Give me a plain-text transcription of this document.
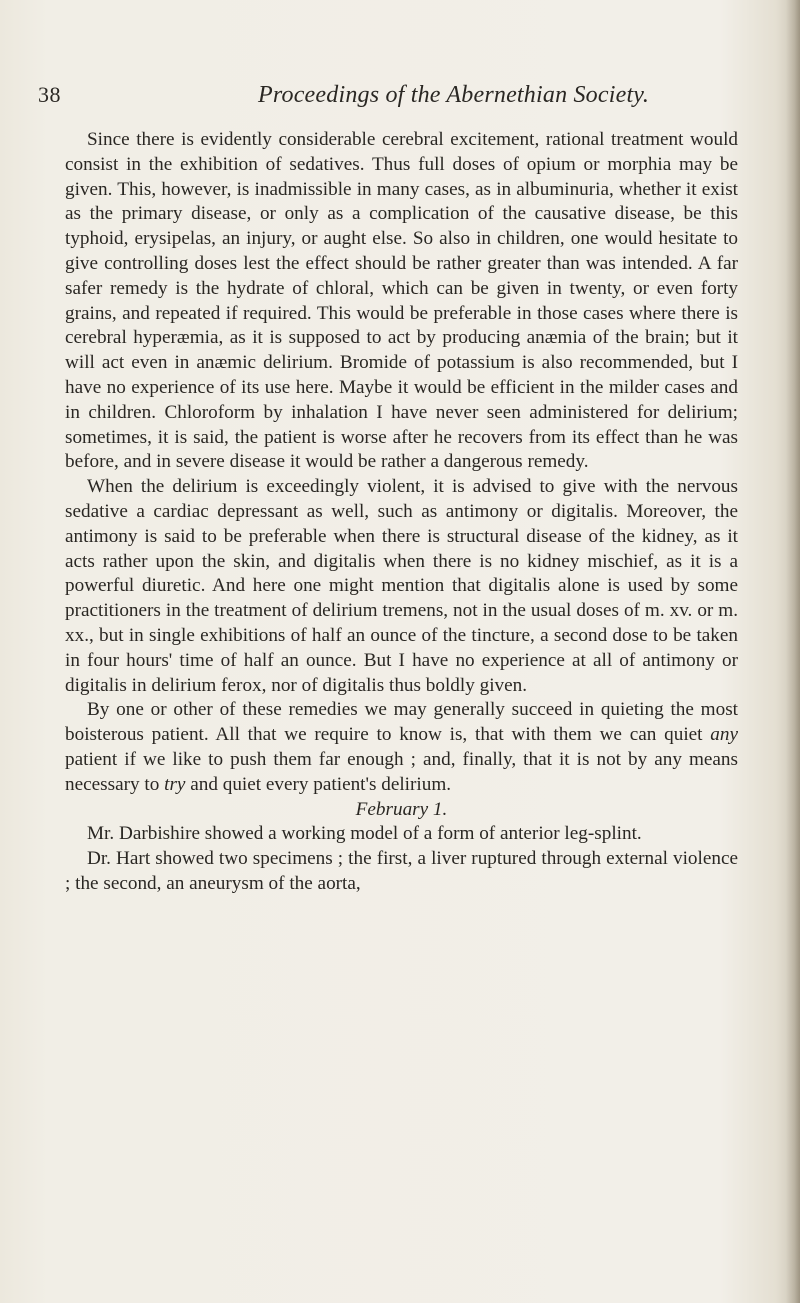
38	Proceedings of the Abernethian Society.

Since there is evidently considerable cerebral excitement, rational treatment would consist in the exhibition of sedatives. Thus full doses of opium or morphia may be given. This, however, is inadmissible in many cases, as in albuminuria, whether it exist as the primary disease, or only as a complication of the causative disease, be this typhoid, erysipelas, an injury, or aught else. So also in children, one would hesitate to give controlling doses lest the effect should be rather greater than was intended. A far safer remedy is the hydrate of chloral, which can be given in twenty, or even forty grains, and repeated if required. This would be preferable in those cases where there is cerebral hyperæmia, as it is supposed to act by producing anæmia of the brain; but it will act even in anæmic delirium. Bromide of potassium is also recommended, but I have no experience of its use here. Maybe it would be efficient in the milder cases and in children. Chloroform by inhalation I have never seen administered for delirium; sometimes, it is said, the patient is worse after he recovers from its effect than he was before, and in severe disease it would be rather a dangerous remedy.

When the delirium is exceedingly violent, it is advised to give with the nervous sedative a cardiac depressant as well, such as antimony or digitalis. Moreover, the antimony is said to be preferable when there is structural disease of the kidney, as it acts rather upon the skin, and digitalis when there is no kidney mischief, as it is a powerful diuretic. And here one might mention that digitalis alone is used by some practitioners in the treatment of delirium tremens, not in the usual doses of m. xv. or m. xx., but in single exhibitions of half an ounce of the tincture, a second dose to be taken in four hours' time of half an ounce. But I have no experience at all of antimony or digitalis in delirium ferox, nor of digitalis thus boldly given.

By one or other of these remedies we may generally succeed in quieting the most boisterous patient. All that we require to know is, that with them we can quiet any patient if we like to push them far enough ; and, finally, that it is not by any means necessary to try and quiet every patient's delirium.

February 1.

Mr. Darbishire showed a working model of a form of anterior leg-splint.

Dr. Hart showed two specimens ; the first, a liver ruptured through external violence ; the second, an aneurysm of the aorta,
